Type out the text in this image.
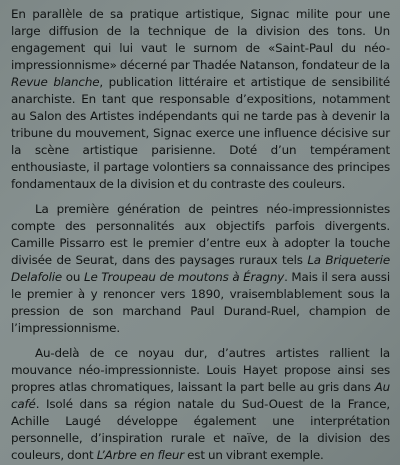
En parallèle de sa pratique artistique, Signac milite pour une large diffusion de la technique de la division des tons. Un engagement qui lui vaut le surnom de «Saint-Paul du néo-impressionnisme» décerné par Thadée Natanson, fondateur de la Revue blanche, publication littéraire et artistique de sensibilité anarchiste. En tant que responsable d’expositions, notamment au Salon des Artistes indépendants qui ne tarde pas à devenir la tribune du mouvement, Signac exerce une influence décisive sur la scène artistique parisienne. Doté d’un tempérament enthousiaste, il partage volontiers sa connaissance des principes fondamentaux de la division et du contraste des couleurs.

La première génération de peintres néo-impressionnistes compte des personnalités aux objectifs parfois divergents. Camille Pissarro est le premier d’entre eux à adopter la touche divisée de Seurat, dans des paysages ruraux tels La Briqueterie Delafolie ou Le Troupeau de moutons à Éragny. Mais il sera aussi le premier à y renoncer vers 1890, vraisemblablement sous la pression de son marchand Paul Durand-Ruel, champion de l’impressionnisme.

Au-delà de ce noyau dur, d’autres artistes rallient la mouvance néo-impressionniste. Louis Hayet propose ainsi ses propres atlas chromatiques, laissant la part belle au gris dans Au café. Isolé dans sa région natale du Sud-Ouest de la France, Achille Laugé développe également une interprétation personnelle, d’inspiration rurale et naïve, de la division des couleurs, dont L’Arbre en fleur est un vibrant exemple.
